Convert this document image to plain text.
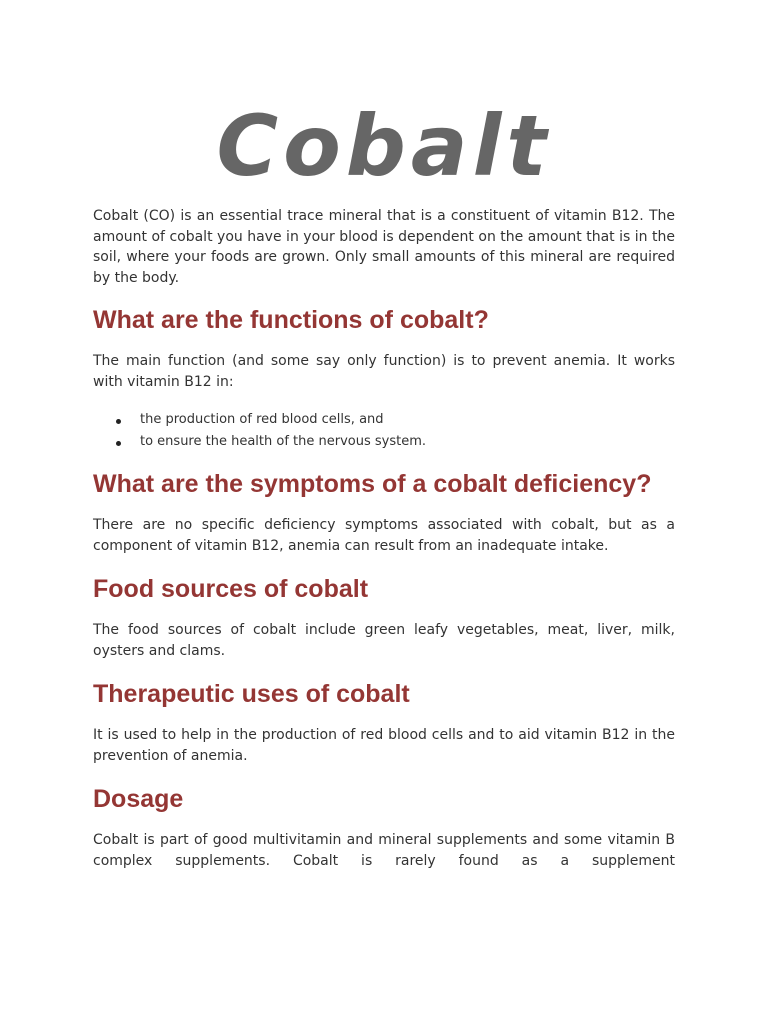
Cobalt

Cobalt (CO) is an essential trace mineral that is a constituent of vitamin B12. The amount of cobalt you have in your blood is dependent on the amount that is in the soil, where your foods are grown. Only small amounts of this mineral are required by the body.

What are the functions of cobalt?

The main function (and some say only function) is to prevent anemia. It works with vitamin B12 in:

the production of red blood cells, and
to ensure the health of the nervous system.
What are the symptoms of a cobalt deficiency?

There are no specific deficiency symptoms associated with cobalt, but as a component of vitamin B12, anemia can result from an inadequate intake.

Food sources of cobalt

The food sources of cobalt include green leafy vegetables, meat, liver, milk, oysters and clams.

Therapeutic uses of cobalt

It is used to help in the production of red blood cells and to aid vitamin B12 in the prevention of anemia.

Dosage

Cobalt is part of good multivitamin and mineral supplements and some vitamin B complex supplements. Cobalt is rarely found as a supplement
